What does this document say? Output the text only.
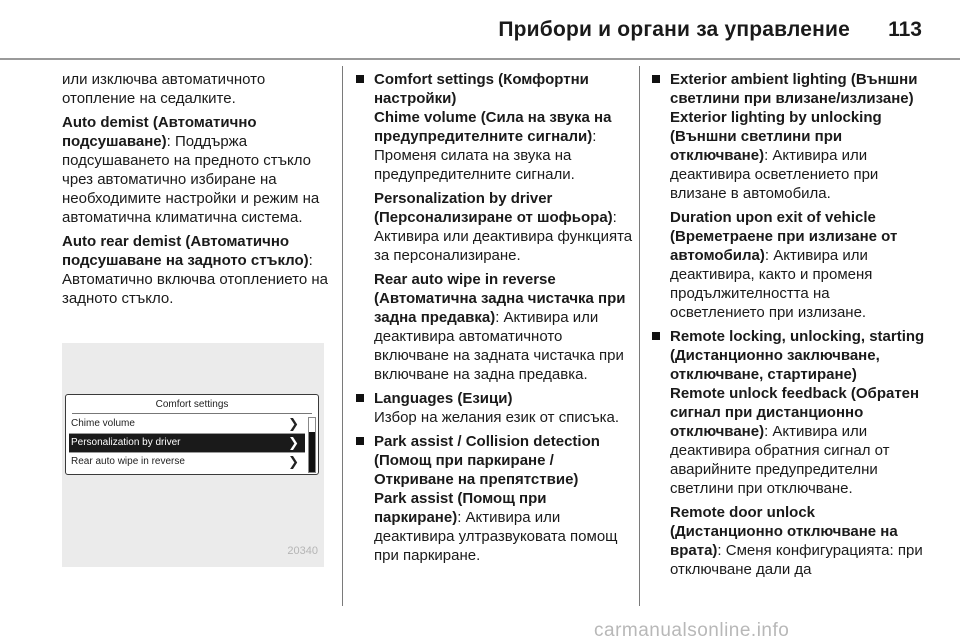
Прибори и органи за управление 113

или изключва автоматичното отопление на седалките.

Auto demist (Автоматично подсушаване): Поддържа подсушаването на предното стъкло чрез автоматично избиране на необходимите настройки и режим на автоматична климатична система.

Auto rear demist (Автоматично подсушаване на задното стъкло): Автоматично включва отоплението на задното стъкло.

Comfort settings
Chime volume	❯
Personalization by driver	❯
Rear auto wipe in reverse	❯
20340
Comfort settings (Комфортни настройки)

Chime volume (Сила на звука на предупредителните сигнали): Променя силата на звука на предупредителните сигнали.

Personalization by driver (Персонализиране от шофьора): Активира или деактивира функцията за персонализиране.

Rear auto wipe in reverse (Автоматична задна чистачка при задна предавка): Активира или деактивира автоматичното включване на задната чистачка при включване на задна предавка.

Languages (Езици)

Избор на желания език от списъка.

Park assist / Collision detection (Помощ при паркиране / Откриване на препятствие)

Park assist (Помощ при паркиране): Активира или деактивира ултразвуковата помощ при паркиране.

Exterior ambient lighting (Външни светлини при влизане/излизане)

Exterior lighting by unlocking (Външни светлини при отключване): Активира или деактивира осветлението при влизане в автомобила.

Duration upon exit of vehicle (Времетраене при излизане от автомобила): Активира или деактивира, както и променя продължителността на осветлението при излизане.

Remote locking, unlocking, starting (Дистанционно заключване, отключване, стартиране)

Remote unlock feedback (Обратен сигнал при дистанционно отключване): Активира или деактивира обратния сигнал от аварийните предупредителни светлини при отключване.

Remote door unlock (Дистанционно отключване на врата): Сменя конфигурацията: при отключване дали да

carmanualsonline.info
